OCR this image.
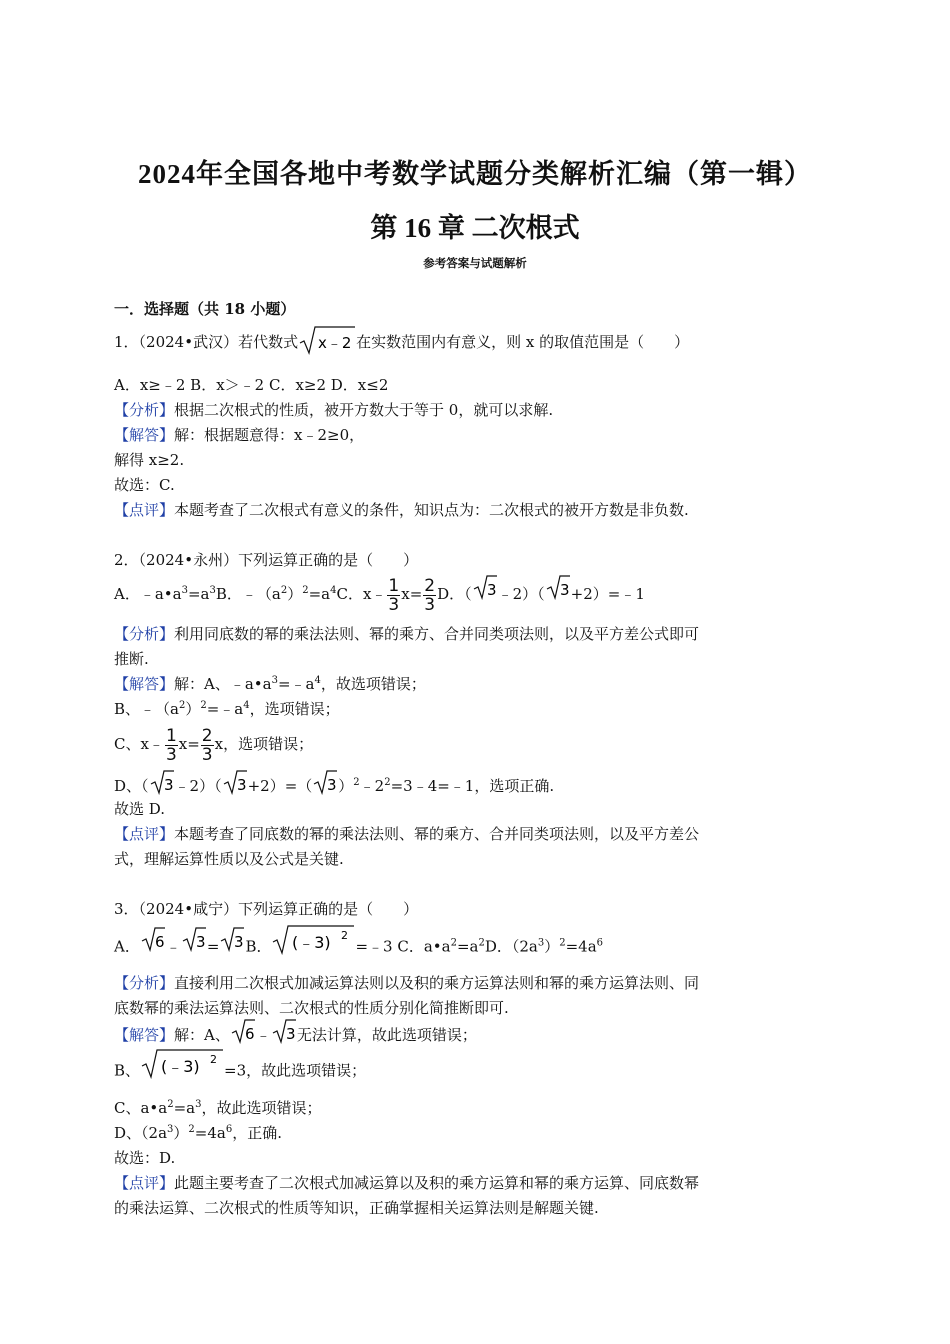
2024年全国各地中考数学试题分类解析汇编（第一辑）
第 16 章 二次根式
参考答案与试题解析
一．选择题（共 18 小题）
1．（2024•武汉）若代数式 x﹣2 在实数范围内有意义，则 x 的取值范围是（　　）
A．x≥﹣2 B．x＞﹣2 C．x≥2 D．x≤2
【分析】根据二次根式的性质，被开方数大于等于 0，就可以求解.
【解答】解：根据题意得：x﹣2≥0，
解得 x≥2.
故选：C.
【点评】本题考查了二次根式有意义的条件，知识点为：二次根式的被开方数是非负数.
2．（2024•永州）下列运算正确的是（　　）
A．$﹣a•a^3=a^3B$．$﹣(a^2)^2=a^4C$．x﹣ $\frac{1}{3} x= \frac{2}{3}$ D．（ 3 ﹣2）（ 3 +2）=﹣1
【分析】利用同底数的幂的乘法法则、幂的乘方、合并同类项法则，以及平方差公式即可
推断.
【解答】解：A、$﹣a•a^3=﹣a^4$，故选项错误；
B、$﹣(a^2)^2=﹣a^4$，选项错误；
C、x﹣ $\frac{1}{3} x= \frac{2}{3}$ x，选项错误；
D、（ 3 ﹣2）（ 3 +2）=（ 3 ）$^2﹣2^2=3﹣4=﹣1$，选项正确.
故选 D.
【点评】本题考查了同底数的幂的乘法法则、幂的乘方、合并同类项法则，以及平方差公
式，理解运算性质以及公式是关键.
3．（2024•咸宁）下列运算正确的是（　　）
A． 6 ﹣ 3 = 3 B． (﹣3) 2
=﹣3 C．$a•a^2=a^2D$．$(2a^3)^2=4a^6$
【分析】直接利用二次根式加减运算法则以及积的乘方运算法则和幂的乘方运算法则、同
底数幂的乘法运算法则、二次根式的性质分别化简推断即可.
【解答】解：A、 6 ﹣ 3 无法计算，故此选项错误；
B、 (﹣3) 2
=3，故此选项错误；
C、$a•a^2=a^3$，故此选项错误；
D、$(2a^3)^2=4a^6$，正确.
故选：D.
【点评】此题主要考查了二次根式加减运算以及积的乘方运算和幂的乘方运算、同底数幂
的乘法运算、二次根式的性质等知识，正确掌握相关运算法则是解题关键.
